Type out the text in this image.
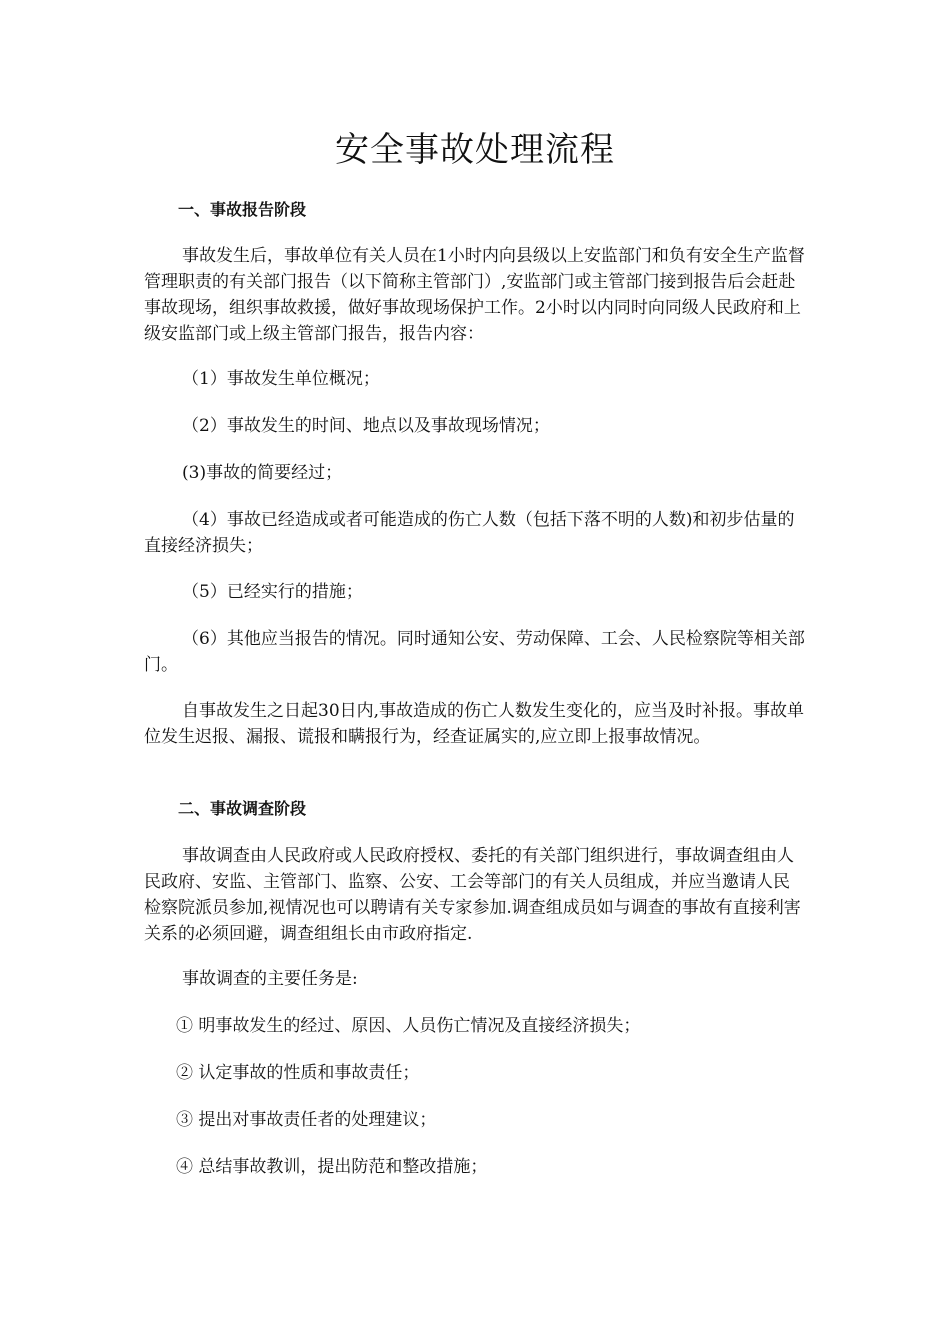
安全事故处理流程
一、事故报告阶段
事故发生后，事故单位有关人员在1小时内向县级以上安监部门和负有安全生产监督管理职责的有关部门报告（以下简称主管部门）,安监部门或主管部门接到报告后会赶赴事故现场，组织事故救援，做好事故现场保护工作。2小时以内同时向同级人民政府和上级安监部门或上级主管部门报告，报告内容：
（1）事故发生单位概况；
（2）事故发生的时间、地点以及事故现场情况；
(3)事故的简要经过；
（4）事故已经造成或者可能造成的伤亡人数（包括下落不明的人数)和初步估量的直接经济损失；
（5）已经实行的措施；
（6）其他应当报告的情况。同时通知公安、劳动保障、工会、人民检察院等相关部门。
自事故发生之日起30日内,事故造成的伤亡人数发生变化的，应当及时补报。事故单位发生迟报、漏报、谎报和瞒报行为，经查证属实的,应立即上报事故情况。
二、事故调查阶段
事故调查由人民政府或人民政府授权、委托的有关部门组织进行，事故调查组由人民政府、安监、主管部门、监察、公安、工会等部门的有关人员组成，并应当邀请人民检察院派员参加,视情况也可以聘请有关专家参加.调查组成员如与调查的事故有直接利害关系的必须回避，调查组组长由市政府指定.
事故调查的主要任务是:
① 明事故发生的经过、原因、人员伤亡情况及直接经济损失；
② 认定事故的性质和事故责任；
③ 提出对事故责任者的处理建议；
④ 总结事故教训，提出防范和整改措施；
